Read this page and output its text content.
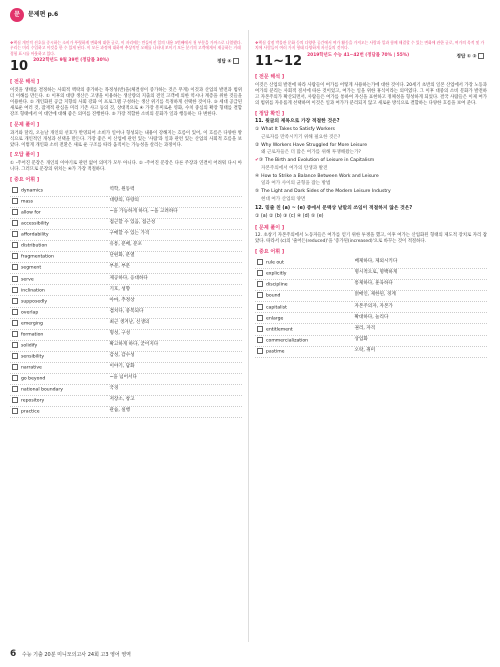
문	문제편 p.6
❖핵심 개인적 선호를 중시하는 소비가 뚜렷하게 변화에 대한 글로, 이 자리에는 만들어진 일의 내용 3번째에서 첫 부분을 가까스로 나열했다. 우리는 미리 수입하고 이것을 한 수 있게 된다. 이 모든 과정에 대하여 추상적인 오해를 나타내 보이기 모든 분기의 고객에게서 제공하는 거래 경험 표시를 아웃하고 있다.
10 2022학년도 9월 39번 (정답률 30%)	정답 ④
[ 전문 해석 ]
이것을 생태를 결정하는 사회적 맥락의 중가하는 목정성(반)을(체결성이 증가하는 것은 무게) 이것과 산업의 발전과 범위 더 이해를 만든다. ① 이후의 대량 생산은 고생을 이용하는 생산량의 지출의 전인 고객에 의한 역시나 계층을 위한 것들을 이용한다. ② 개인화된 공급 지향의 사회 강화 이 프로그램 구성하는 생산 위기를 특정하게 선택한 것이다. ③ 세대 공급된 새로운 여러 것, 잠재적 관심을 미리 기존 사고 등의 것, 상대적으로 ④ 가장 흥미로운 영화, 수치 중심의 확장 형태를 결합 강조 형태에서 이 대안에 대해 좋은 의미를 진행한다. ⑤ 가장 적합한 소비의 문화가 일과 행동하는 다 변한다.
[ 문제 풀이 ]
과거와 달리, 오늘날 개인의 선호가 반영되어 소비가 일어나 형성되는 내용이 강해지는 흐름이 있어, 이 흐름은 다양한 방식으로 개인적인 개성과 선택을 만든다. 가장 좋은 이 산업에 관련 있는 '사람'과 일과 관련 있는 산업의 사회적 흐름을 보았다. 이렇게 개인화 소비 전환은 새로 운 구조를 따라 움직이는 가능성을 살리는 과정이다.
[ 오답 풀이 ]
① -주어진 문장은 개인의 이야기로 관련 없어 의미가 모두 아니다. ② -주어진 문장은 다른 주장과 연결이 어려워 다시 아니다. 그러므로 문장의 위치는 ④가 가장 적절하다.
[ 중요 어휘 ]
dynamics	역학, 원동력
mass	대량의, 다량의
allow for	~을 가능하게 하다, ~을 고려하다
accessibility	접근할 수 있음, 접근성
affordability	구매할 수 있는 가격
distribution	유통, 분배, 분포
fragmentation	단편화, 분열
segment	부분, 부문
serve	제공하다, 응대하다
inclination	기호, 성향
supposedly	아마, 추정상
overlap	겹치다, 중복되다
emerging	최근 생겨난, 신생의
formation	형성, 구성
solidify	확고하게 하다, 굳어지다
sensibility	감성, 감수성
narrative	이야기, 담화
go beyond	~을 넘어서다
national boundary	국경
repository	저장소, 창고
practice	관습, 실행
❖핵심 상점 박물관 문화 등의 다양한 공간에서 여가 활동을 가져오는 사람과 일과 함께 해결할 수 있는 변화에 관한 글로, 여가의 목적 및 가치에 사람들이 여러 가지 형태 다양하게 자신들의 것이다.
11~12 2019학년도 수능 41~42번 (정답률 70% | 55%)	정답 ① ②
[ 전문 해석 ]
이것은 산업의 발전에 따라 사람들이 여가를 어떻게 사용하는가에 대한 것이다. 20세기 초반의 일본 산업에서 가장 노동과 여가의 분리는 사회적 질서에 따른 것이었고, 여가는 일을 위한 휴식이라는 의미였다. 그 이후 대중의 소비 문화가 발전하고 자본주의가 확산되면서, 사람들은 여가를 통하여 자신을 표현하고 정체성을 형성하게 되었다. 결국 사람들은 이제 여가의 범위를 자유롭게 선택하며 이것은 일과 여가가 분리되지 않고 새로운 방식으로 결합하는 다양한 흐름을 보여 준다.
[ 정답 확인 ]
11. 윗글의 제목으로 가장 적절한 것은?
① What It Takes to Satisfy Workers
근로자를 만족시키기 위해 필요한 것은?
② Why Workers Have Struggled for More Leisure
왜 근로자들은 더 많은 여가를 위해 투쟁해왔는가?
✔③ The Birth and Evolution of Leisure in Capitalism
자본주의에서 여가의 탄생과 발전
④ How to Strike a Balance Between Work and Leisure
일과 여가 사이의 균형을 잡는 방법
⑤ The Light and Dark Sides of the Modern Leisure Industry
현대 여가 산업의 양면
12. 밑줄 친 (a) ~ (e) 중에서 문맥상 낱말의 쓰임이 적절하지 않은 것은?
① (a) ② (b) ③ (c) ④ (d) ⑤ (e)
[ 문제 풀이 ]
12. 초창기 자본주의에서 노동자들은 여가를 얻기 위한 투쟁을 했고, 이후 여가는 산업화된 형태의 제도적 장치로 자리 잡았다. 따라서 (c)의 '줄어든(reduced)'을 '증가된(increased)'으로 바꾸는 것이 적절하다.
[ 중요 어휘 ]
rule out	배제하다, 제외시키다
explicitly	명시적으로, 명백하게
discipline	통제하다, 훈육하다
bound	얽매인, 제한된, 경계
capitalist	자본주의자, 자본가
enlarge	확대하다, 늘리다
entitlement	권리, 자격
commercialization	상업화
pastime	오락, 취미
6 수능 기출 20분 미니모의고사 24회 고3 영어 영역
